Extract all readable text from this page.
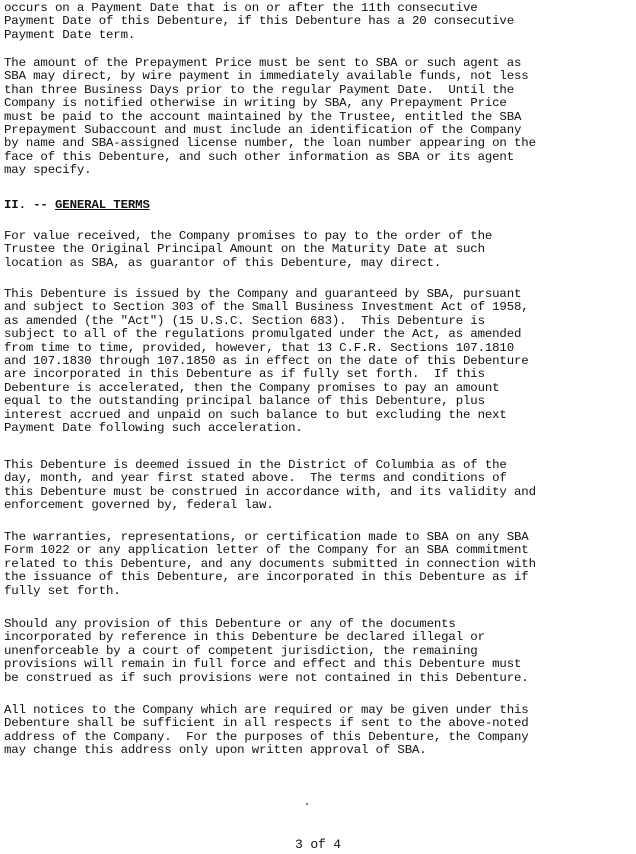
occurs on a Payment Date that is on or after the 11th consecutive
Payment Date of this Debenture, if this Debenture has a 20 consecutive
Payment Date term.
The amount of the Prepayment Price must be sent to SBA or such agent as
SBA may direct, by wire payment in immediately available funds, not less
than three Business Days prior to the regular Payment Date.  Until the
Company is notified otherwise in writing by SBA, any Prepayment Price
must be paid to the account maintained by the Trustee, entitled the SBA
Prepayment Subaccount and must include an identification of the Company
by name and SBA-assigned license number, the loan number appearing on the
face of this Debenture, and such other information as SBA or its agent
may specify.
II. -- GENERAL TERMS
For value received, the Company promises to pay to the order of the
Trustee the Original Principal Amount on the Maturity Date at such
location as SBA, as guarantor of this Debenture, may direct.
This Debenture is issued by the Company and guaranteed by SBA, pursuant
and subject to Section 303 of the Small Business Investment Act of 1958,
as amended (the "Act") (15 U.S.C. Section 683).  This Debenture is
subject to all of the regulations promulgated under the Act, as amended
from time to time, provided, however, that 13 C.F.R. Sections 107.1810
and 107.1830 through 107.1850 as in effect on the date of this Debenture
are incorporated in this Debenture as if fully set forth.  If this
Debenture is accelerated, then the Company promises to pay an amount
equal to the outstanding principal balance of this Debenture, plus
interest accrued and unpaid on such balance to but excluding the next
Payment Date following such acceleration.
This Debenture is deemed issued in the District of Columbia as of the
day, month, and year first stated above.  The terms and conditions of
this Debenture must be construed in accordance with, and its validity and
enforcement governed by, federal law.
The warranties, representations, or certification made to SBA on any SBA
Form 1022 or any application letter of the Company for an SBA commitment
related to this Debenture, and any documents submitted in connection with
the issuance of this Debenture, are incorporated in this Debenture as if
fully set forth.
Should any provision of this Debenture or any of the documents
incorporated by reference in this Debenture be declared illegal or
unenforceable by a court of competent jurisdiction, the remaining
provisions will remain in full force and effect and this Debenture must
be construed as if such provisions were not contained in this Debenture.
All notices to the Company which are required or may be given under this
Debenture shall be sufficient in all respects if sent to the above-noted
address of the Company.  For the purposes of this Debenture, the Company
may change this address only upon written approval of SBA.
3 of 4
